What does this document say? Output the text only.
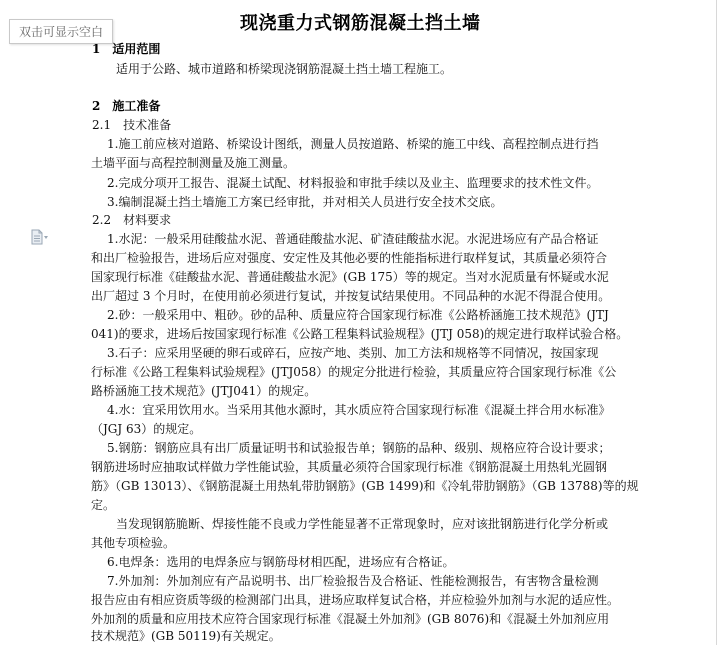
双击可显示空白	现浇重力式钢筋混凝土挡土墙
1　适用范围
适用于公路、城市道路和桥梁现浇钢筋混凝土挡土墙工程施工。
2　施工准备
2.1　技术准备
1.施工前应核对道路、桥梁设计图纸，测量人员按道路、桥梁的施工中线、高程控制点进行挡
土墙平面与高程控制测量及施工测量。
2.完成分项开工报告、混凝土试配、材料报验和审批手续以及业主、监理要求的技术性文件。
3.编制混凝土挡土墙施工方案已经审批，并对相关人员进行安全技术交底。
2.2　材料要求
1.水泥：一般采用硅酸盐水泥、普通硅酸盐水泥、矿渣硅酸盐水泥。水泥进场应有产品合格证
和出厂检验报告，进场后应对强度、安定性及其他必要的性能指标进行取样复试，其质量必须符合
国家现行标准《硅酸盐水泥、普通硅酸盐水泥》(GB 175）等的规定。当对水泥质量有怀疑或水泥
出厂超过 3 个月时，在使用前必须进行复试，并按复试结果使用。不同品种的水泥不得混合使用。
2.砂：一般采用中、粗砂。砂的品种、质量应符合国家现行标准《公路桥涵施工技术规范》(JTJ
041)的要求，进场后按国家现行标准《公路工程集料试验规程》(JTJ 058)的规定进行取样试验合格。
3.石子：应采用坚硬的卵石或碎石，应按产地、类别、加工方法和规格等不同情况，按国家现
行标准《公路工程集料试验规程》(JTJ058）的规定分批进行检验，其质量应符合国家现行标准《公
路桥涵施工技术规范》(JTJ041）的规定。
4.水：宜采用饮用水。当采用其他水源时，其水质应符合国家现行标准《混凝土拌合用水标准》
（JGJ 63）的规定。
5.钢筋：钢筋应具有出厂质量证明书和试验报告单；钢筋的品种、级别、规格应符合设计要求；
钢筋进场时应抽取试样做力学性能试验，其质量必须符合国家现行标准《钢筋混凝土用热轧光圆钢
筋》（GB 13013）、《钢筋混凝土用热轧带肋钢筋》(GB 1499)和《冷轧带肋钢筋》（GB 13788)等的规
定。
当发现钢筋脆断、焊接性能不良或力学性能显著不正常现象时，应对该批钢筋进行化学分析或
其他专项检验。
6.电焊条：选用的电焊条应与钢筋母材相匹配，进场应有合格证。
7.外加剂：外加剂应有产品说明书、出厂检验报告及合格证、性能检测报告，有害物含量检测
报告应由有相应资质等级的检测部门出具，进场应取样复试合格，并应检验外加剂与水泥的适应性。
外加剂的质量和应用技术应符合国家现行标准《混凝土外加剂》(GB 8076)和《混凝土外加剂应用
技术规范》(GB 50119)有关规定。
